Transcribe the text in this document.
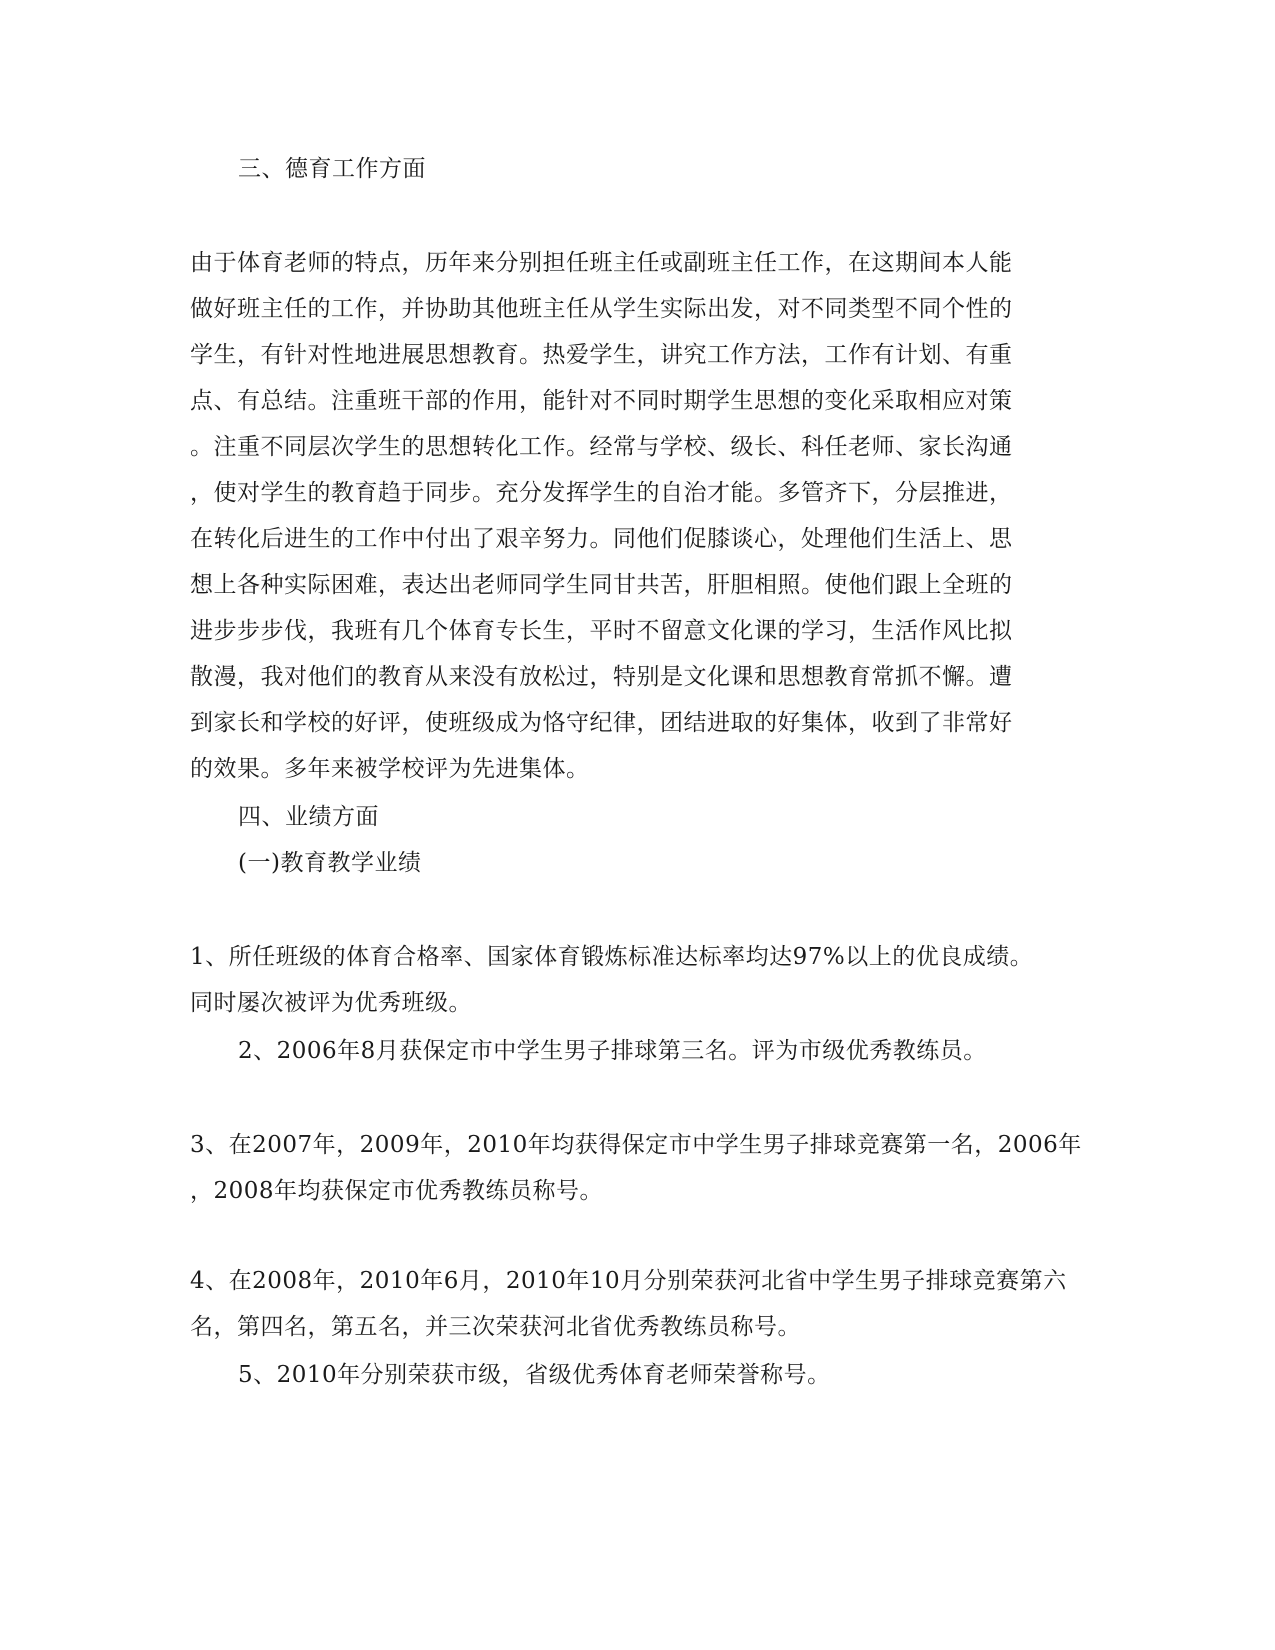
三、德育工作方面
由于体育老师的特点，历年来分别担任班主任或副班主任工作，在这期间本人能
做好班主任的工作，并协助其他班主任从学生实际出发，对不同类型不同个性的
学生，有针对性地进展思想教育。热爱学生，讲究工作方法，工作有计划、有重
点、有总结。注重班干部的作用，能针对不同时期学生思想的变化采取相应对策
。注重不同层次学生的思想转化工作。经常与学校、级长、科任老师、家长沟通
，使对学生的教育趋于同步。充分发挥学生的自治才能。多管齐下，分层推进，
在转化后进生的工作中付出了艰辛努力。同他们促膝谈心，处理他们生活上、思
想上各种实际困难，表达出老师同学生同甘共苦，肝胆相照。使他们跟上全班的
进步步步伐，我班有几个体育专长生，平时不留意文化课的学习，生活作风比拟
散漫，我对他们的教育从来没有放松过，特别是文化课和思想教育常抓不懈。遭
到家长和学校的好评，使班级成为恪守纪律，团结进取的好集体，收到了非常好
的效果。多年来被学校评为先进集体。
四、业绩方面
(一)教育教学业绩
1、所任班级的体育合格率、国家体育锻炼标准达标率均达97%以上的优良成绩。
同时屡次被评为优秀班级。
2、2006年8月获保定市中学生男子排球第三名。评为市级优秀教练员。
3、在2007年，2009年，2010年均获得保定市中学生男子排球竞赛第一名，2006年
，2008年均获保定市优秀教练员称号。
4、在2008年，2010年6月，2010年10月分别荣获河北省中学生男子排球竞赛第六
名，第四名，第五名，并三次荣获河北省优秀教练员称号。
5、2010年分别荣获市级，省级优秀体育老师荣誉称号。
